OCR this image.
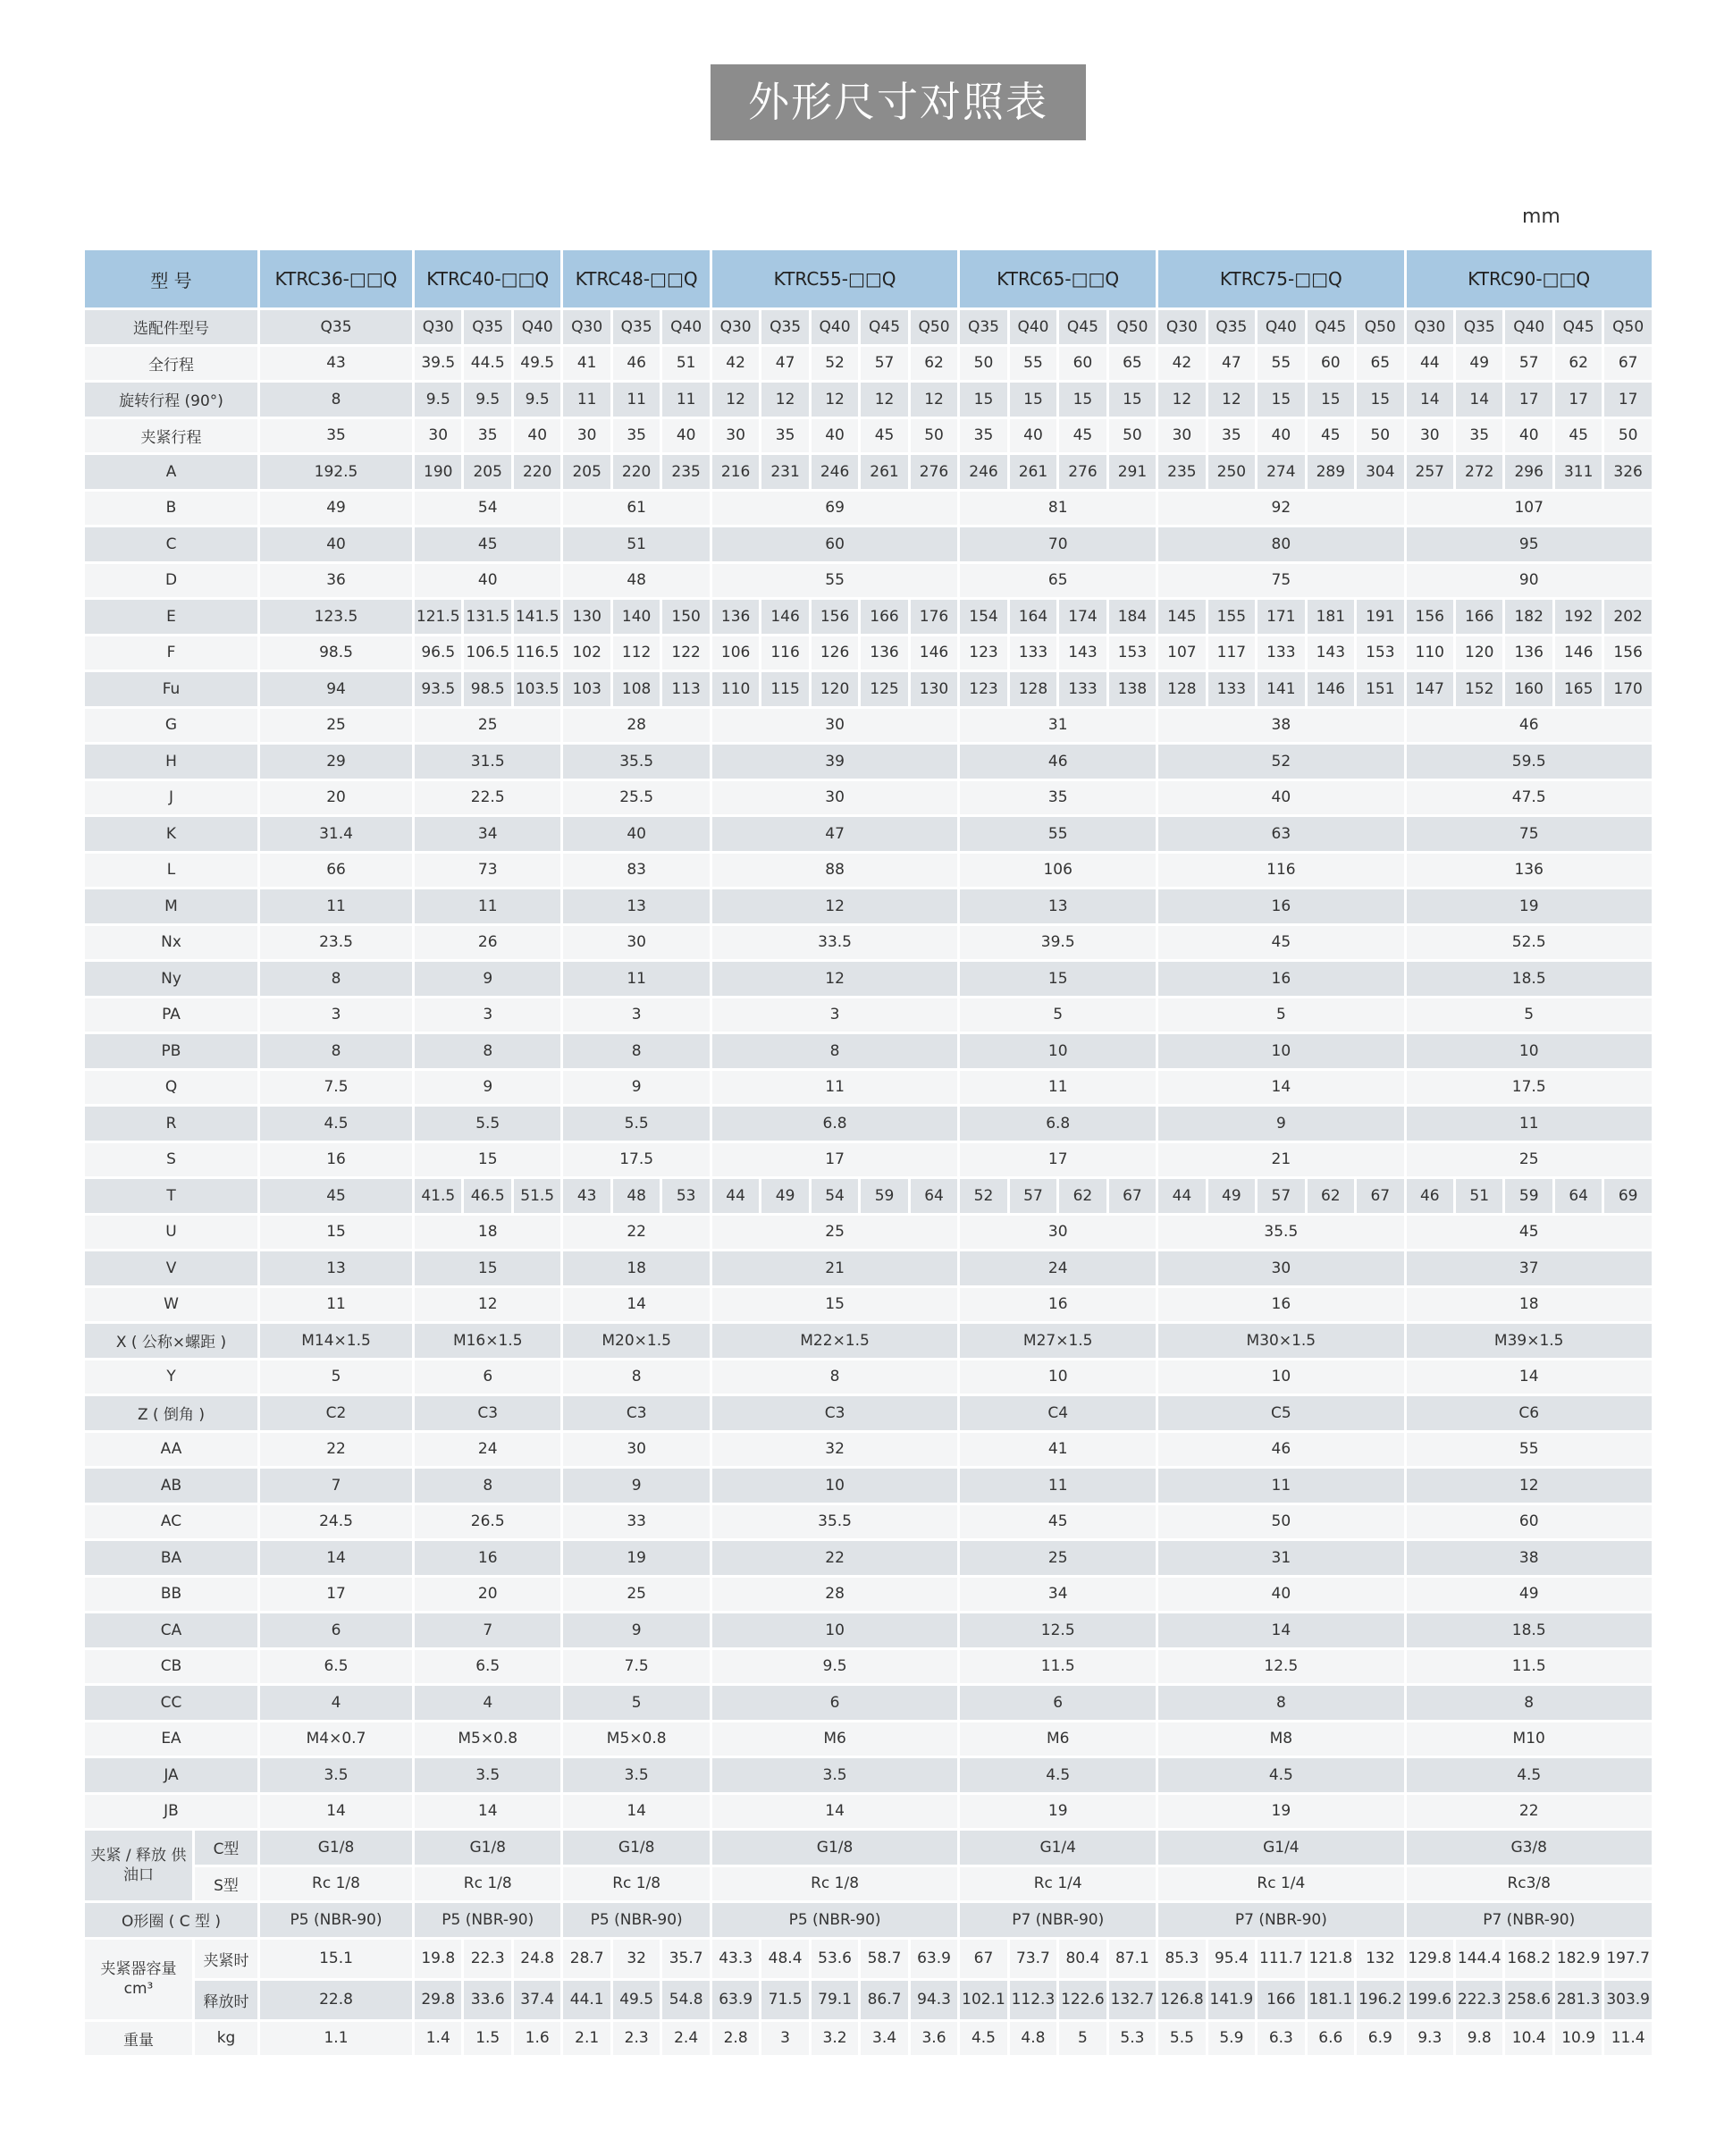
外形尺寸对照表
mm
型 号		KTRC36-□□Q	KTRC40-□□Q			KTRC48-□□Q			KTRC55-□□Q					KTRC65-□□Q				KTRC75-□□Q					KTRC90-□□Q				
选配件型号		Q35	Q30	Q35	Q40	Q30	Q35	Q40	Q30	Q35	Q40	Q45	Q50	Q35	Q40	Q45	Q50	Q30	Q35	Q40	Q45	Q50	Q30	Q35	Q40	Q45	Q50
全行程		43	39.5	44.5	49.5	41	46	51	42	47	52	57	62	50	55	60	65	42	47	55	60	65	44	49	57	62	67
旋转行程 (90°)		8	9.5	9.5	9.5	11	11	11	12	12	12	12	12	15	15	15	15	12	12	15	15	15	14	14	17	17	17
夹紧行程		35	30	35	40	30	35	40	30	35	40	45	50	35	40	45	50	30	35	40	45	50	30	35	40	45	50
A		192.5	190	205	220	205	220	235	216	231	246	261	276	246	261	276	291	235	250	274	289	304	257	272	296	311	326
B		49	54			61			69					81				92					107				
C		40	45			51			60					70				80					95				
D		36	40			48			55					65				75					90				
E		123.5	121.5	131.5	141.5	130	140	150	136	146	156	166	176	154	164	174	184	145	155	171	181	191	156	166	182	192	202
F		98.5	96.5	106.5	116.5	102	112	122	106	116	126	136	146	123	133	143	153	107	117	133	143	153	110	120	136	146	156
Fu		94	93.5	98.5	103.5	103	108	113	110	115	120	125	130	123	128	133	138	128	133	141	146	151	147	152	160	165	170
G		25	25			28			30					31				38					46				
H		29	31.5			35.5			39					46				52					59.5				
J		20	22.5			25.5			30					35				40					47.5				
K		31.4	34			40			47					55				63					75				
L		66	73			83			88					106				116					136				
M		11	11			13			12					13				16					19				
Nx		23.5	26			30			33.5					39.5				45					52.5				
Ny		8	9			11			12					15				16					18.5				
PA		3	3			3			3					5				5					5				
PB		8	8			8			8					10				10					10				
Q		7.5	9			9			11					11				14					17.5				
R		4.5	5.5			5.5			6.8					6.8				9					11				
S		16	15			17.5			17					17				21					25				
T		45	41.5	46.5	51.5	43	48	53	44	49	54	59	64	52	57	62	67	44	49	57	62	67	46	51	59	64	69
U		15	18			22			25					30				35.5					45				
V		13	15			18			21					24				30					37				
W		11	12			14			15					16				16					18				
X ( 公称×螺距 )		M14×1.5	M16×1.5			M20×1.5			M22×1.5					M27×1.5				M30×1.5					M39×1.5				
Y		5	6			8			8					10				10					14				
Z ( 倒角 )		C2	C3			C3			C3					C4				C5					C6				
AA		22	24			30			32					41				46					55				
AB		7	8			9			10					11				11					12				
AC		24.5	26.5			33			35.5					45				50					60				
BA		14	16			19			22					25				31					38				
BB		17	20			25			28					34				40					49				
CA		6	7			9			10					12.5				14					18.5				
CB		6.5	6.5			7.5			9.5					11.5				12.5					11.5				
CC		4	4			5			6					6				8					8				
EA		M4×0.7	M5×0.8			M5×0.8			M6					M6				M8					M10				
JA		3.5	3.5			3.5			3.5					4.5				4.5					4.5				
JB		14	14			14			14					19				19					22				
夹紧 / 释放 供油口	C型	G1/8	G1/8			G1/8			G1/8					G1/4				G1/4					G3/8				
	S型	Rc 1/8	Rc 1/8			Rc 1/8			Rc 1/8					Rc 1/4				Rc 1/4					Rc3/8				
O形圈 ( C 型 )		P5 (NBR-90)	P5 (NBR-90)			P5 (NBR-90)			P5 (NBR-90)					P7 (NBR-90)				P7 (NBR-90)					P7 (NBR-90)				
夹紧器容量 cm³	夹紧时	15.1	19.8	22.3	24.8	28.7	32	35.7	43.3	48.4	53.6	58.7	63.9	67	73.7	80.4	87.1	85.3	95.4	111.7	121.8	132	129.8	144.4	168.2	182.9	197.7
	释放时	22.8	29.8	33.6	37.4	44.1	49.5	54.8	63.9	71.5	79.1	86.7	94.3	102.1	112.3	122.6	132.7	126.8	141.9	166	181.1	196.2	199.6	222.3	258.6	281.3	303.9
重量	kg	1.1	1.4	1.5	1.6	2.1	2.3	2.4	2.8	3	3.2	3.4	3.6	4.5	4.8	5	5.3	5.5	5.9	6.3	6.6	6.9	9.3	9.8	10.4	10.9	11.4
